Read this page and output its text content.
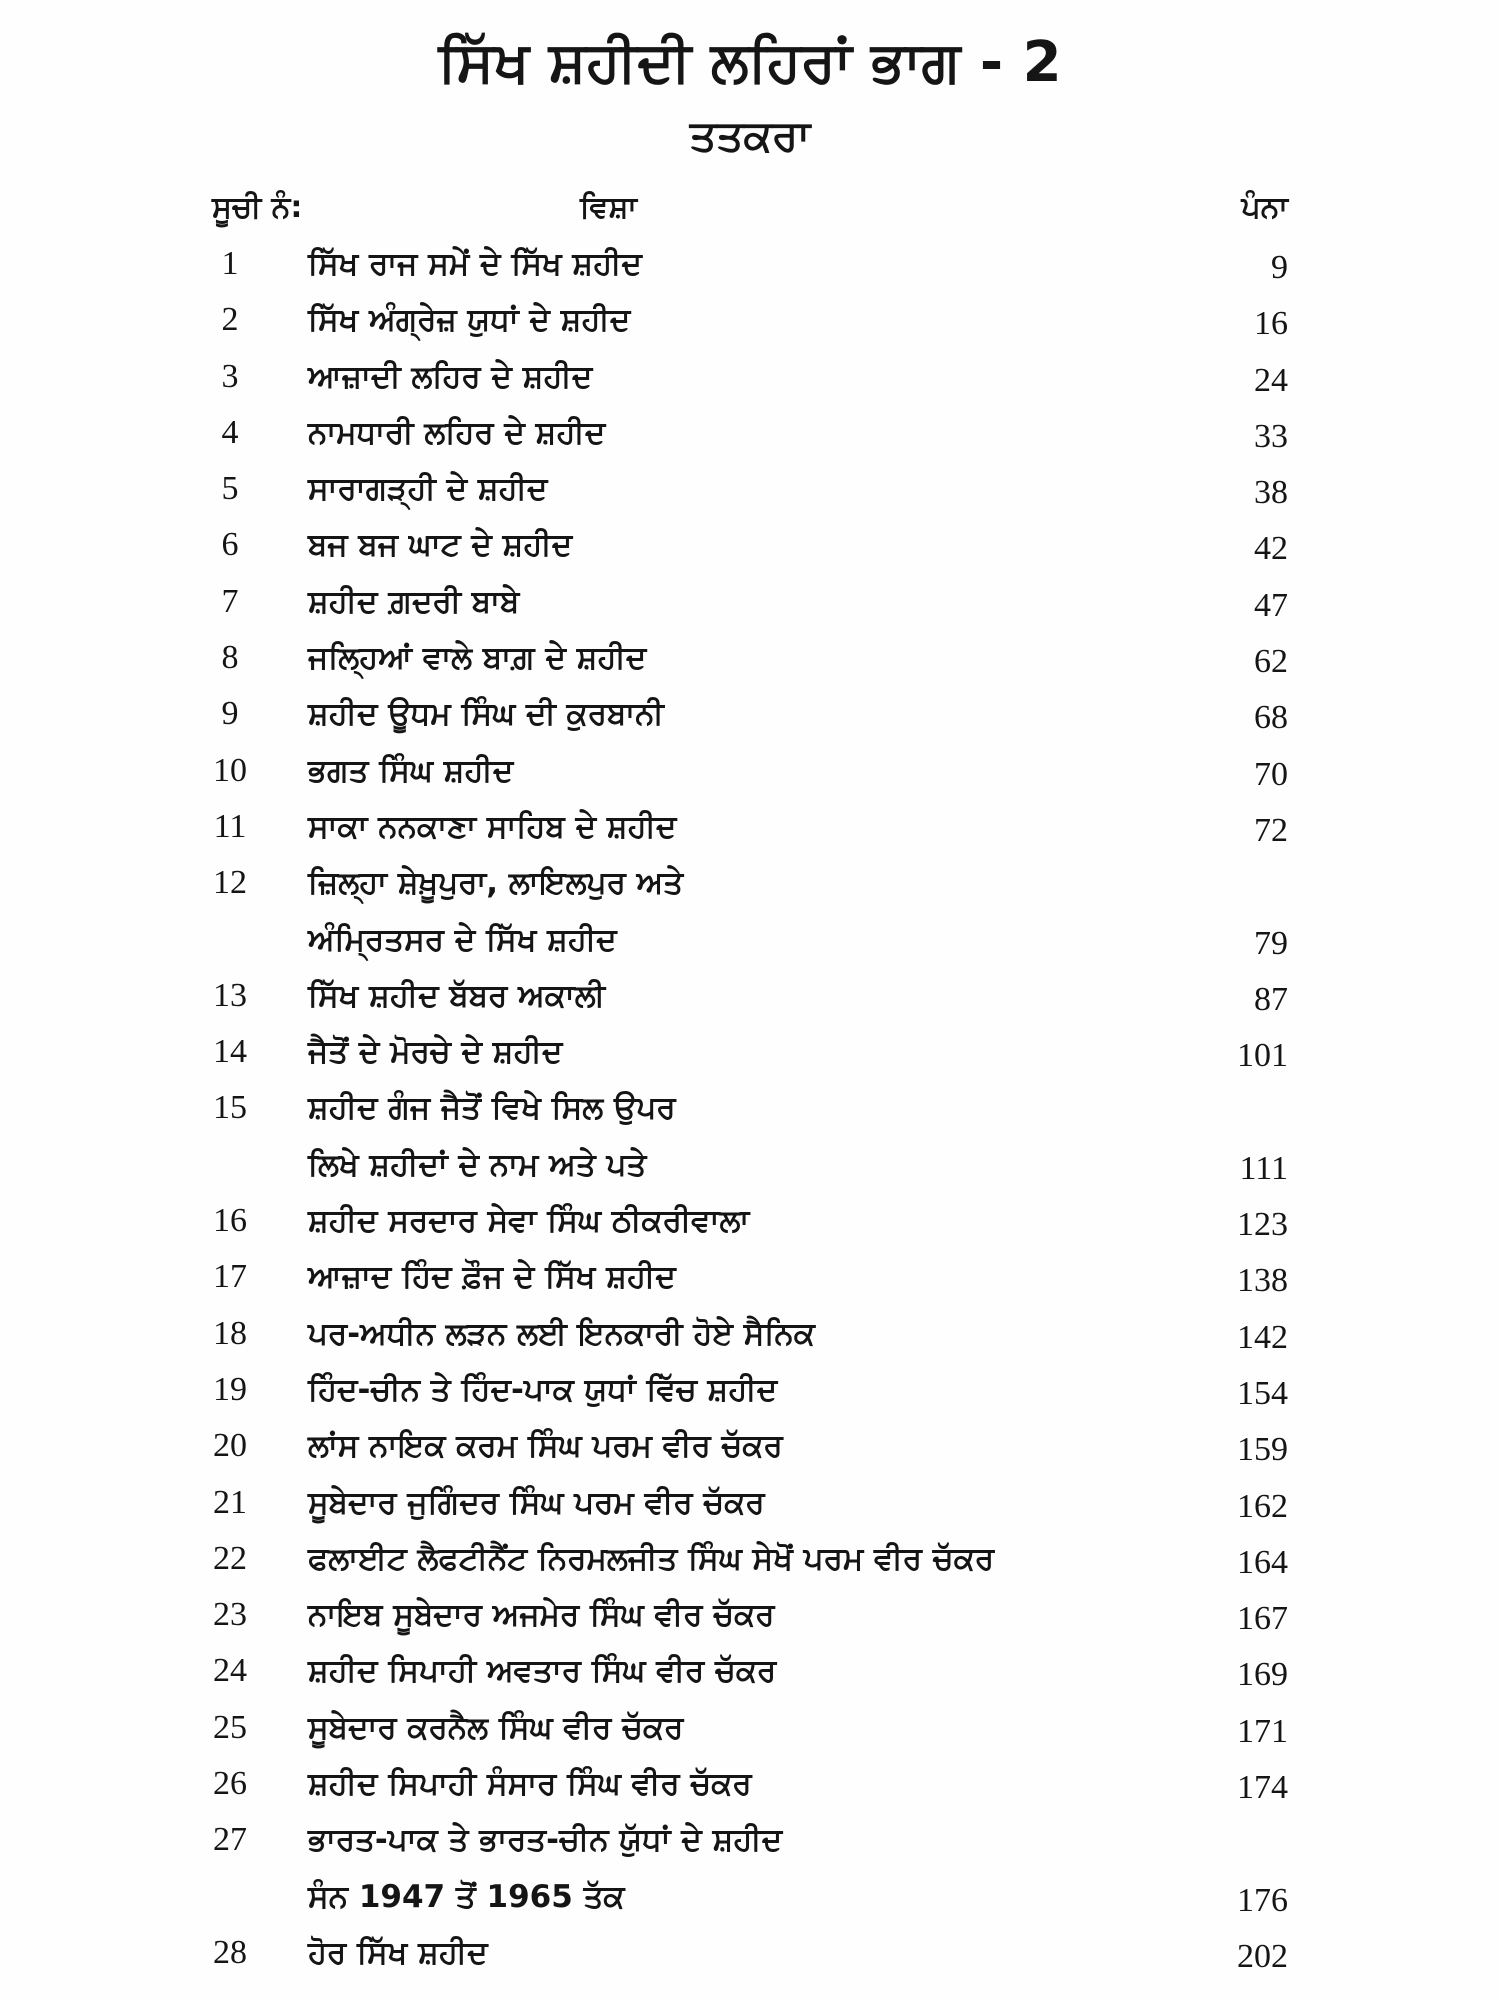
ਸਿੱਖ ਸ਼ਹੀਦੀ ਲਹਿਰਾਂ ਭਾਗ - 2
ਤਤਕਰਾ
ਸੂਚੀ ਨੰ:	ਵਿਸ਼ਾ	ਪੰਨਾ
1	ਸਿੱਖ ਰਾਜ ਸਮੇਂ ਦੇ ਸਿੱਖ ਸ਼ਹੀਦ	9
2	ਸਿੱਖ ਅੰਗ੍ਰੇਜ਼ ਯੁਧਾਂ ਦੇ ਸ਼ਹੀਦ	16
3	ਆਜ਼ਾਦੀ ਲਹਿਰ ਦੇ ਸ਼ਹੀਦ	24
4	ਨਾਮਧਾਰੀ ਲਹਿਰ ਦੇ ਸ਼ਹੀਦ	33
5	ਸਾਰਾਗੜ੍ਹੀ ਦੇ ਸ਼ਹੀਦ	38
6	ਬਜ ਬਜ ਘਾਟ ਦੇ ਸ਼ਹੀਦ	42
7	ਸ਼ਹੀਦ ਗ਼ਦਰੀ ਬਾਬੇ	47
8	ਜਲ੍ਹਿਆਂ ਵਾਲੇ ਬਾਗ਼ ਦੇ ਸ਼ਹੀਦ	62
9	ਸ਼ਹੀਦ ਊਧਮ ਸਿੰਘ ਦੀ ਕੁਰਬਾਨੀ	68
10	ਭਗਤ ਸਿੰਘ ਸ਼ਹੀਦ	70
11	ਸਾਕਾ ਨਨਕਾਣਾ ਸਾਹਿਬ ਦੇ ਸ਼ਹੀਦ	72
12	ਜ਼ਿਲ੍ਹਾ ਸ਼ੇਖ਼ੂਪੁਰਾ, ਲਾਇਲਪੁਰ ਅਤੇ
ਅੰਮ੍ਰਿਤਸਰ ਦੇ ਸਿੱਖ ਸ਼ਹੀਦ	79
13	ਸਿੱਖ ਸ਼ਹੀਦ ਬੱਬਰ ਅਕਾਲੀ	87
14	ਜੈਤੋਂ ਦੇ ਮੋਰਚੇ ਦੇ ਸ਼ਹੀਦ	101
15	ਸ਼ਹੀਦ ਗੰਜ ਜੈਤੋਂ ਵਿਖੇ ਸਿਲ ਉਪਰ
ਲਿਖੇ ਸ਼ਹੀਦਾਂ ਦੇ ਨਾਮ ਅਤੇ ਪਤੇ	111
16	ਸ਼ਹੀਦ ਸਰਦਾਰ ਸੇਵਾ ਸਿੰਘ ਠੀਕਰੀਵਾਲਾ	123
17	ਆਜ਼ਾਦ ਹਿੰਦ ਫ਼ੌਜ ਦੇ ਸਿੱਖ ਸ਼ਹੀਦ	138
18	ਪਰ-ਅਧੀਨ ਲੜਨ ਲਈ ਇਨਕਾਰੀ ਹੋਏ ਸੈਨਿਕ	142
19	ਹਿੰਦ-ਚੀਨ ਤੇ ਹਿੰਦ-ਪਾਕ ਯੁਧਾਂ ਵਿੱਚ ਸ਼ਹੀਦ	154
20	ਲਾਂਸ ਨਾਇਕ ਕਰਮ ਸਿੰਘ ਪਰਮ ਵੀਰ ਚੱਕਰ	159
21	ਸੂਬੇਦਾਰ ਜੁਗਿੰਦਰ ਸਿੰਘ ਪਰਮ ਵੀਰ ਚੱਕਰ	162
22	ਫਲਾਈਟ ਲੈਫਟੀਨੈਂਟ ਨਿਰਮਲਜੀਤ ਸਿੰਘ ਸੇਖੋਂ ਪਰਮ ਵੀਰ ਚੱਕਰ	164
23	ਨਾਇਬ ਸੂਬੇਦਾਰ ਅਜਮੇਰ ਸਿੰਘ ਵੀਰ ਚੱਕਰ	167
24	ਸ਼ਹੀਦ ਸਿਪਾਹੀ ਅਵਤਾਰ ਸਿੰਘ ਵੀਰ ਚੱਕਰ	169
25	ਸੂਬੇਦਾਰ ਕਰਨੈਲ ਸਿੰਘ ਵੀਰ ਚੱਕਰ	171
26	ਸ਼ਹੀਦ ਸਿਪਾਹੀ ਸੰਸਾਰ ਸਿੰਘ ਵੀਰ ਚੱਕਰ	174
27	ਭਾਰਤ-ਪਾਕ ਤੇ ਭਾਰਤ-ਚੀਨ ਯੁੱਧਾਂ ਦੇ ਸ਼ਹੀਦ
ਸੰਨ 1947 ਤੋਂ 1965 ਤੱਕ	176
28	ਹੋਰ ਸਿੱਖ ਸ਼ਹੀਦ	202
